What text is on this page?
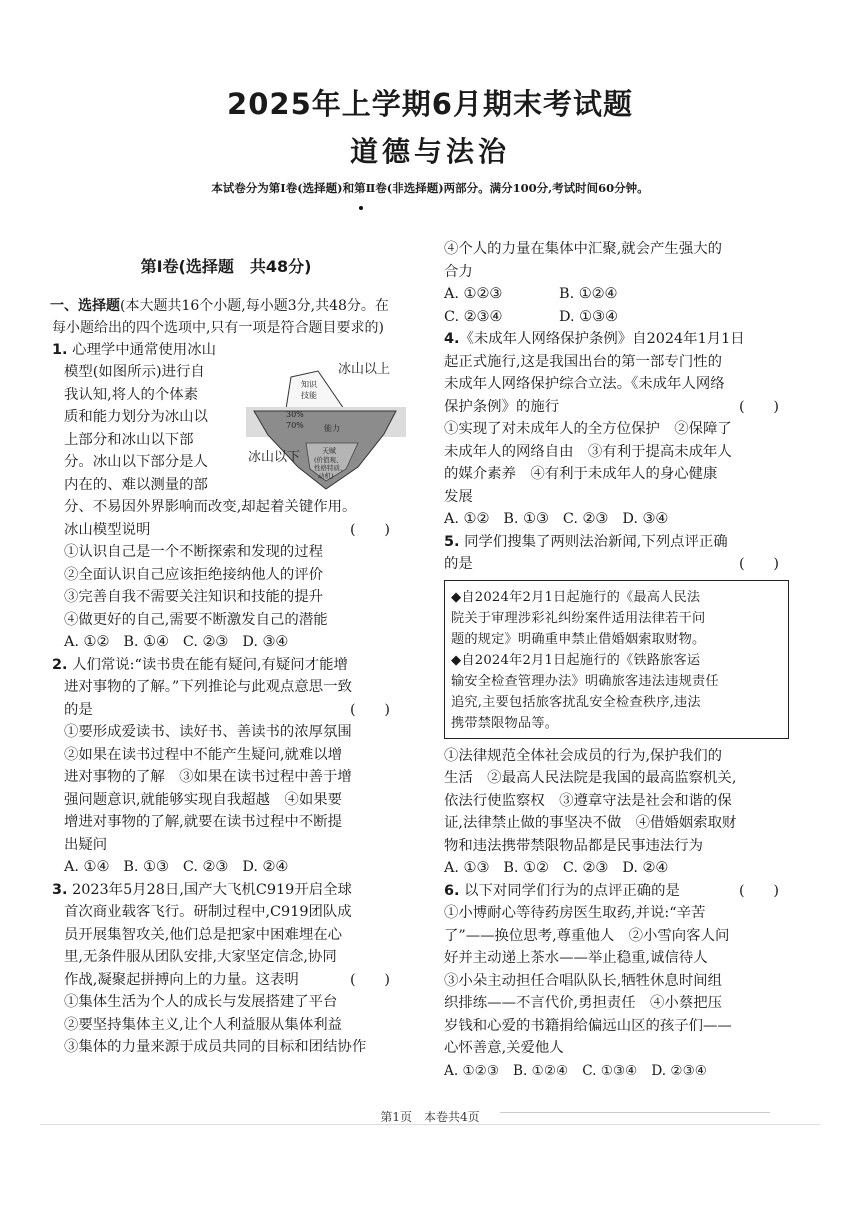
2025年上学期6月期末考试题
道德与法治
本试卷分为第Ⅰ卷(选择题)和第Ⅱ卷(非选择题)两部分。满分100分,考试时间60分钟。
第Ⅰ卷(选择题　共48分)
一、选择题(本大题共16个小题,每小题3分,共48分。在每小题给出的四个选项中,只有一项是符合题目要求的)
冰山以上
知识
技能
30%
70%	能力
天赋
(价值观、
性格特质、
动机)
冰山以下
1. 心理学中通常使用冰山
模型(如图所示)进行自
我认知,将人的个体素
质和能力划分为冰山以
上部分和冰山以下部
分。冰山以下部分是人
内在的、难以测量的部
分、不易因外界影响而改变,却起着关键作用。
冰山模型说明	(　　)
①认识自己是一个不断探索和发现的过程
②全面认识自己应该拒绝接纳他人的评价
③完善自我不需要关注知识和技能的提升
④做更好的自己,需要不断激发自己的潜能
A. ①② B. ①④ C. ②③ D. ③④
2. 人们常说:“读书贵在能有疑问,有疑问才能增
进对事物的了解。”下列推论与此观点意思一致
的是	(　　)
①要形成爱读书、读好书、善读书的浓厚氛围
②如果在读书过程中不能产生疑问,就难以增
进对事物的了解　③如果在读书过程中善于增
强问题意识,就能够实现自我超越　④如果要
增进对事物的了解,就要在读书过程中不断提
出疑问
A. ①④ B. ①③ C. ②③ D. ②④
3. 2023年5月28日,国产大飞机C919开启全球
首次商业载客飞行。研制过程中,C919团队成
员开展集智攻关,他们总是把家中困难埋在心
里,无条件服从团队安排,大家坚定信念,协同
作战,凝聚起拼搏向上的力量。这表明	(　　)
①集体生活为个人的成长与发展搭建了平台
②要坚持集体主义,让个人利益服从集体利益
③集体的力量来源于成员共同的目标和团结协作
④个人的力量在集体中汇聚,就会产生强大的
合力
A. ①②③	B. ①②④
C. ②③④	D. ①③④
4.《未成年人网络保护条例》自2024年1月1日
起正式施行,这是我国出台的第一部专门性的
未成年人网络保护综合立法。《未成年人网络
保护条例》的施行	(　　)
①实现了对未成年人的全方位保护　②保障了
未成年人的网络自由　③有利于提高未成年人
的媒介素养　④有利于未成年人的身心健康
发展
A. ①② B. ①③ C. ②③ D. ③④
5. 同学们搜集了两则法治新闻,下列点评正确
的是	(　　)
◆自2024年2月1日起施行的《最高人民法
院关于审理涉彩礼纠纷案件适用法律若干问
题的规定》明确重申禁止借婚姻索取财物。
◆自2024年2月1日起施行的《铁路旅客运
输安全检查管理办法》明确旅客违法违规责任
追究,主要包括旅客扰乱安全检查秩序,违法
携带禁限物品等。
①法律规范全体社会成员的行为,保护我们的
生活　②最高人民法院是我国的最高监察机关,
依法行使监察权　③遵章守法是社会和谐的保
证,法律禁止做的事坚决不做　④借婚姻索取财
物和违法携带禁限物品都是民事违法行为
A. ①③ B. ①② C. ②③ D. ②④
6. 以下对同学们行为的点评正确的是	(　　)
①小博耐心等待药房医生取药,并说:“辛苦
了”——换位思考,尊重他人　②小雪向客人问
好并主动递上茶水——举止稳重,诚信待人
③小朵主动担任合唱队队长,牺牲休息时间组
织排练——不言代价,勇担责任　④小蔡把压
岁钱和心爱的书籍捐给偏远山区的孩子们——
心怀善意,关爱他人
A. ①②③ B. ①②④ C. ①③④ D. ②③④
第1页　本卷共4页
